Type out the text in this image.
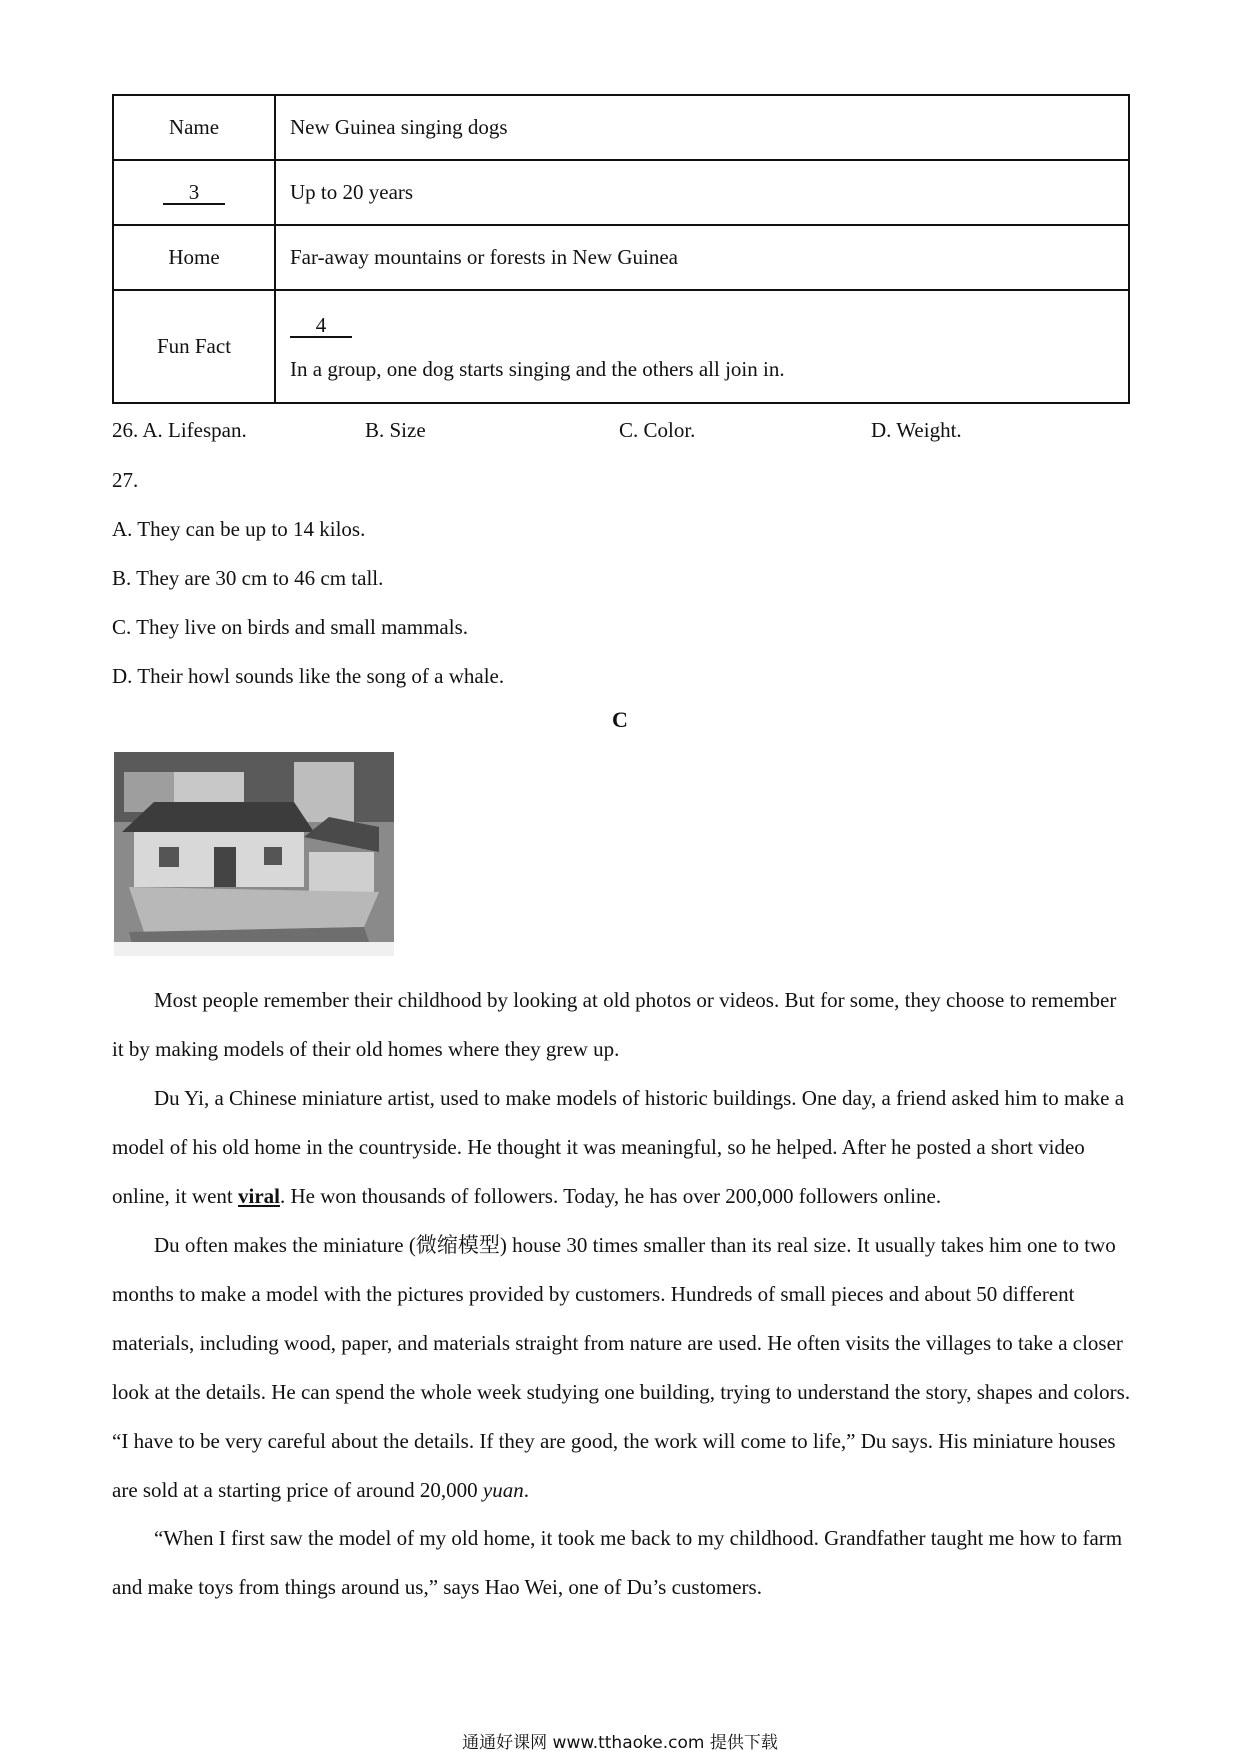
Name	New Guinea singing dogs
3	Up to 20 years
Home	Far-away mountains or forests in New Guinea
Fun Fact	4
In a group, one dog starts singing and the others all join in.
26. A. Lifespan.	B. Size	C. Color.	D. Weight.
27.
A. They can be up to 14 kilos.
B. They are 30 cm to 46 cm tall.
C. They live on birds and small mammals.
D. Their howl sounds like the song of a whale.
C

Most people remember their childhood by looking at old photos or videos. But for some, they choose to remember it by making models of their old homes where they grew up.

Du Yi, a Chinese miniature artist, used to make models of historic buildings. One day, a friend asked him to make a model of his old home in the countryside. He thought it was meaningful, so he helped. After he posted a short video online, it went viral. He won thousands of followers. Today, he has over 200,000 followers online.

Du often makes the miniature (微缩模型) house 30 times smaller than its real size. It usually takes him one to two months to make a model with the pictures provided by customers. Hundreds of small pieces and about 50 different materials, including wood, paper, and materials straight from nature are used. He often visits the villages to take a closer look at the details. He can spend the whole week studying one building, trying to understand the story, shapes and colors. “I have to be very careful about the details. If they are good, the work will come to life,” Du says. His miniature houses are sold at a starting price of around 20,000 yuan.

“When I first saw the model of my old home, it took me back to my childhood. Grandfather taught me how to farm and make toys from things around us,” says Hao Wei, one of Du’s customers.

通通好课网 www.tthaoke.com 提供下载
